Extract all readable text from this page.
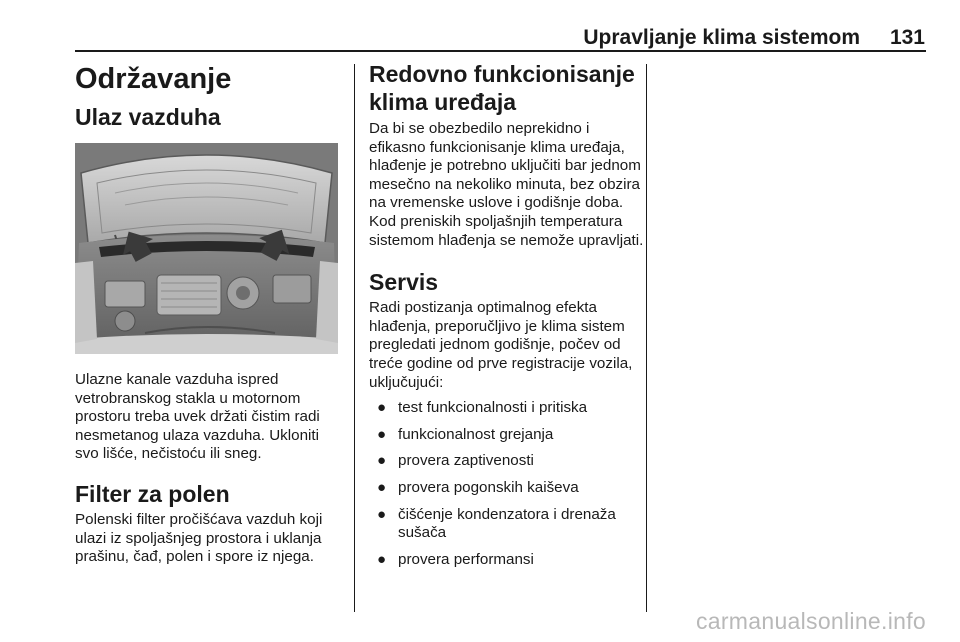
Upravljanje klima sistemom	131
Održavanje
Ulaz vazduha

Ulazne kanale vazduha ispred vetrobranskog stakla u motornom prostoru treba uvek držati čistim radi nesmetanog ulaza vazduha. Ukloniti svo lišće, nečistoću ili sneg.

Filter za polen

Polenski filter pročišćava vazduh koji ulazi iz spoljašnjeg prostora i uklanja prašinu, čađ, polen i spore iz njega.

Redovno funkcionisanje klima uređaja

Da bi se obezbedilo neprekidno i efikasno funkcionisanje klima uređaja, hlađenje je potrebno uključiti bar jednom mesečno na nekoliko minuta, bez obzira na vremenske uslove i godišnje doba. Kod preniskih spoljašnjih temperatura sistemom hlađenja se nemože upravljati.

Servis

Radi postizanja optimalnog efekta hlađenja, preporučljivo je klima sistem pregledati jednom godišnje, počev od treće godine od prve registracije vozila, uključujući:

● test funkcionalnosti i pritiska
● funkcionalnost grejanja
● provera zaptivenosti
● provera pogonskih kaiševa
● čišćenje kondenzatora i drenaža sušača
● provera performansi
carmanualsonline.info
